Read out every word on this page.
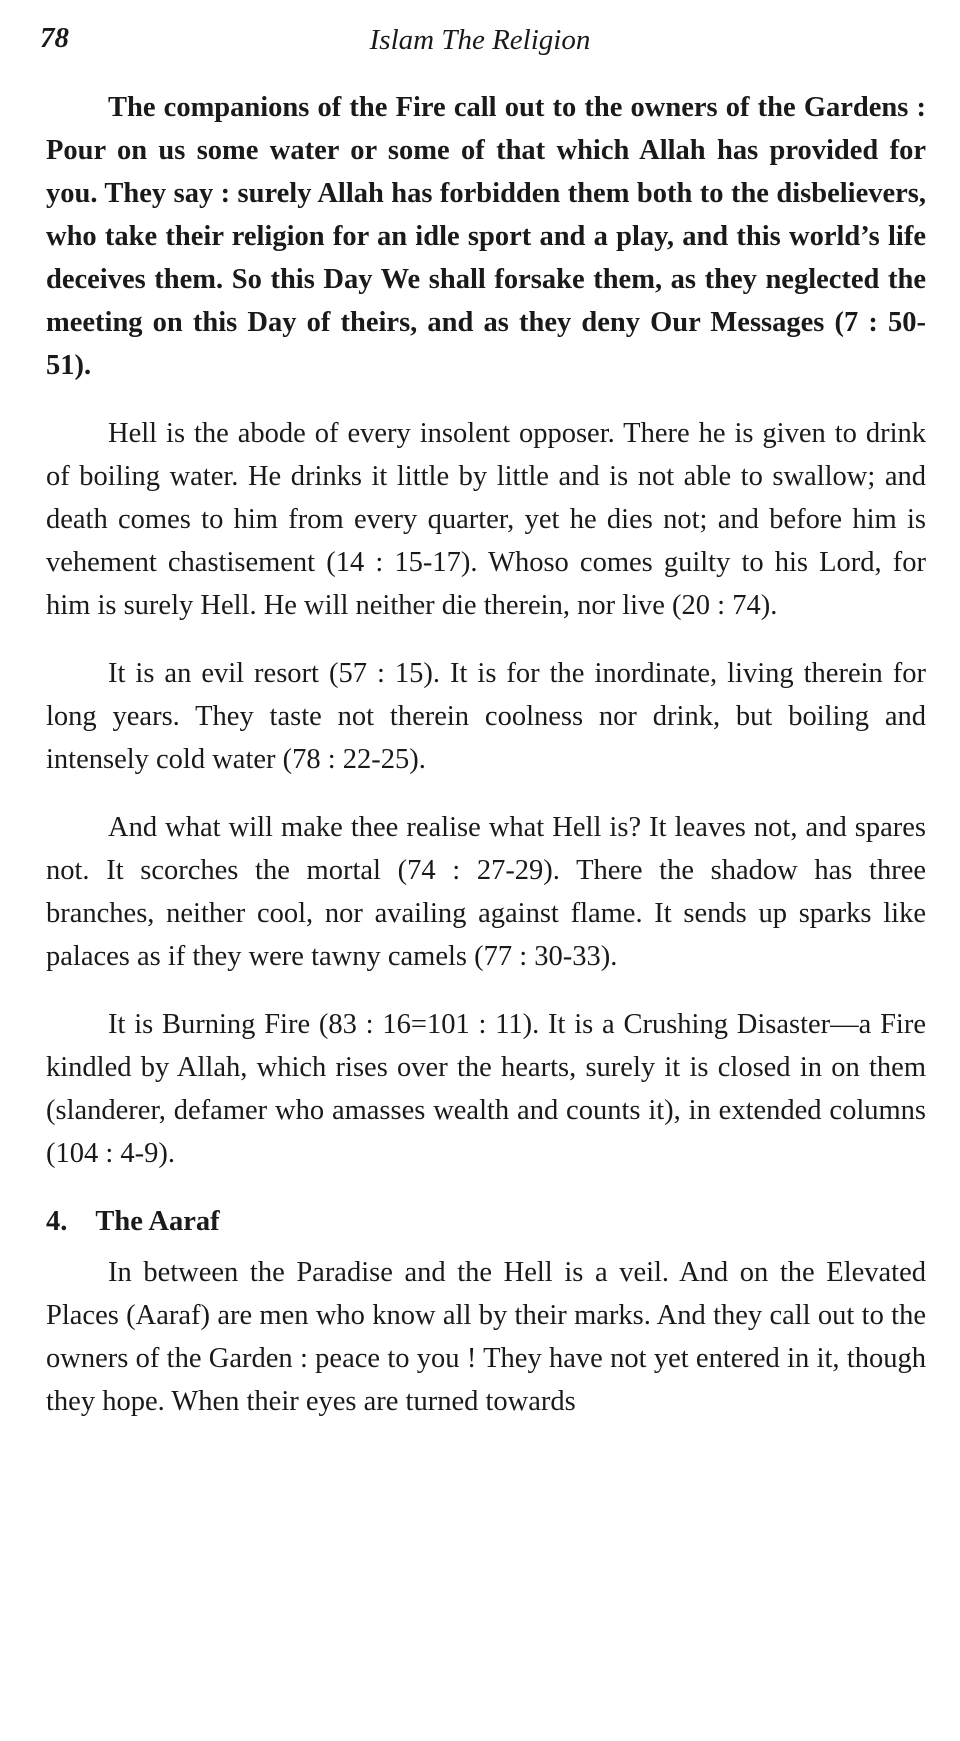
78	Islam The Religion

The companions of the Fire call out to the owners of the Gardens : Pour on us some water or some of that which Allah has provided for you. They say : surely Allah has forbidden them both to the disbelievers, who take their religion for an idle sport and a play, and this world’s life deceives them. So this Day We shall forsake them, as they neglected the meeting on this Day of theirs, and as they deny Our Messages (7 : 50-51).

Hell is the abode of every insolent opposer. There he is given to drink of boiling water. He drinks it little by little and is not able to swallow; and death comes to him from every quarter, yet he dies not; and before him is vehement chastisement (14 : 15-17). Whoso comes guilty to his Lord, for him is surely Hell. He will neither die therein, nor live (20 : 74).

It is an evil resort (57 : 15). It is for the inordinate, living therein for long years. They taste not therein coolness nor drink, but boiling and intensely cold water (78 : 22-25).

And what will make thee realise what Hell is? It leaves not, and spares not. It scorches the mortal (74 : 27-29). There the shadow has three branches, neither cool, nor availing against flame. It sends up sparks like palaces as if they were tawny camels (77 : 30-33).

It is Burning Fire (83 : 16=101 : 11). It is a Crushing Disaster—a Fire kindled by Allah, which rises over the hearts, surely it is closed in on them (slanderer, defamer who amasses wealth and counts it), in extended columns (104 : 4-9).

4. The Aaraf

In between the Paradise and the Hell is a veil. And on the Elevated Places (Aaraf) are men who know all by their marks. And they call out to the owners of the Garden : peace to you ! They have not yet entered in it, though they hope. When their eyes are turned towards
